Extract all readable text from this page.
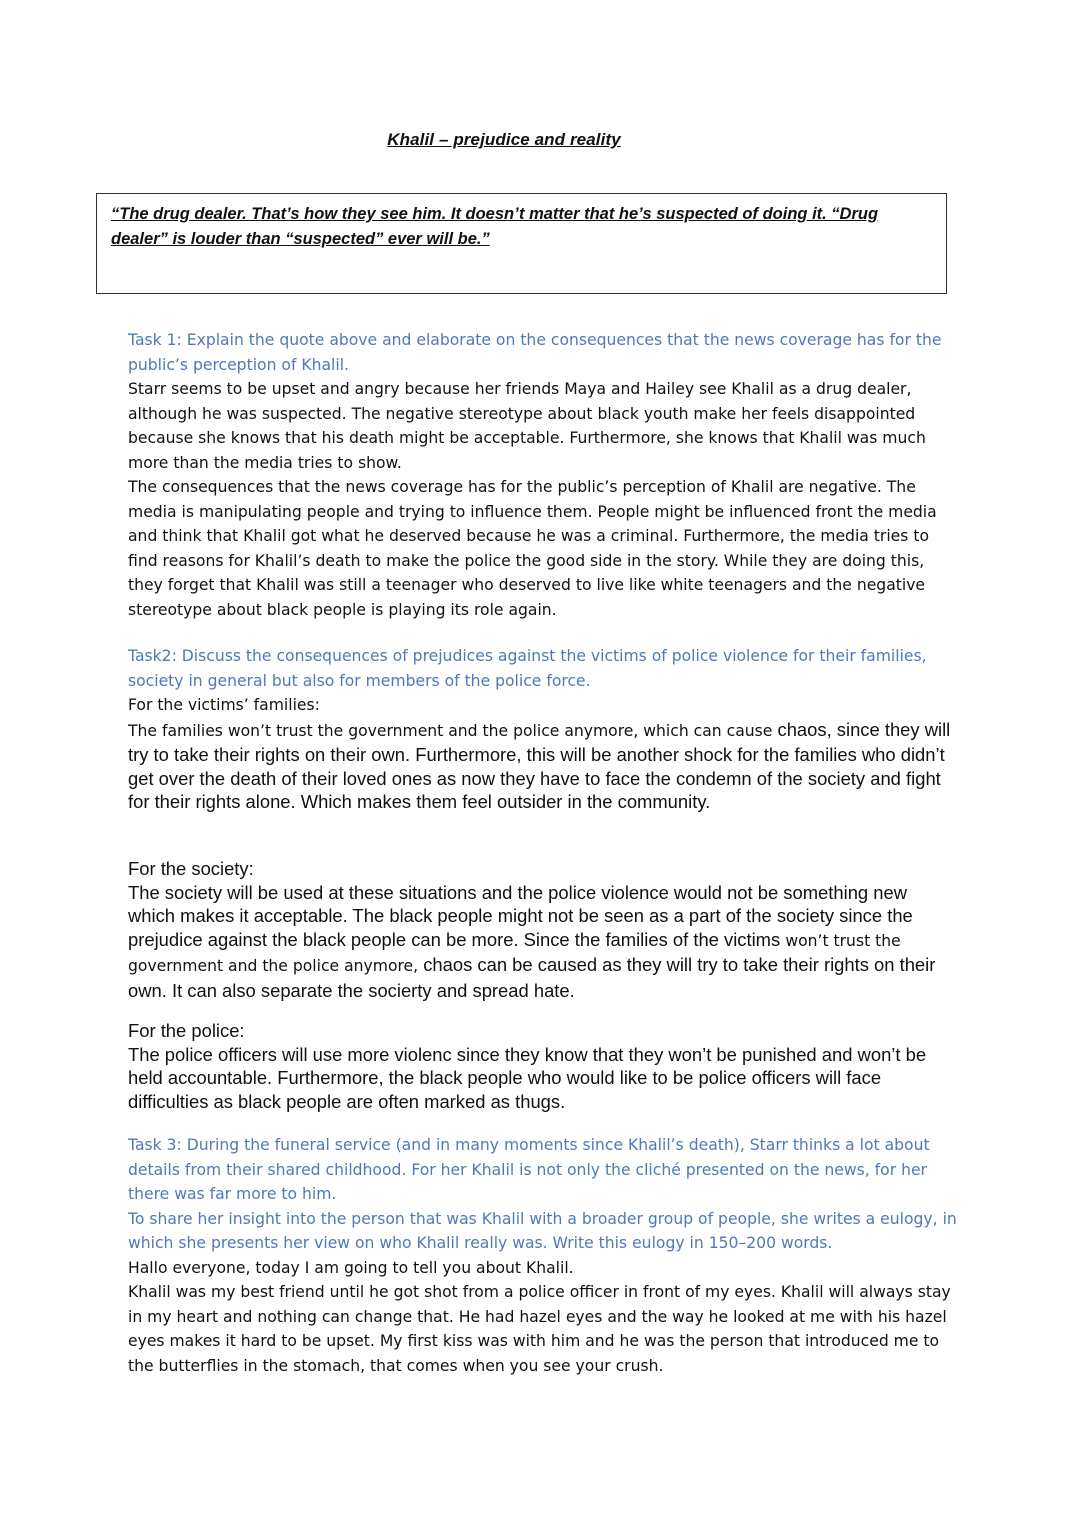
Khalil – prejudice and reality
“The drug dealer. That’s how they see him. It doesn’t matter that he’s suspected of doing it. “Drug dealer” is louder than “suspected” ever will be.”

Task 1: Explain the quote above and elaborate on the consequences that the news coverage has for the public’s perception of Khalil.

Starr seems to be upset and angry because her friends Maya and Hailey see Khalil as a drug dealer, although he was suspected. The negative stereotype about black youth make her feels disappointed because she knows that his death might be acceptable. Furthermore, she knows that Khalil was much more than the media tries to show.

The consequences that the news coverage has for the public’s perception of Khalil are negative. The media is manipulating people and trying to influence them. People might be influenced front the media and think that Khalil got what he deserved because he was a criminal. Furthermore, the media tries to find reasons for Khalil’s death to make the police the good side in the story. While they are doing this, they forget that Khalil was still a teenager who deserved to live like white teenagers and the negative stereotype about black people is playing its role again.

Task2: Discuss the consequences of prejudices against the victims of police violence for their families, society in general but also for members of the police force.

For the victims’ families:

The families won’t trust the government and the police anymore, which can cause chaos, since they will try to take their rights on their own. Furthermore, this will be another shock for the families who didn’t get over the death of their loved ones as now they have to face the condemn of the society and fight for their rights alone. Which makes them feel outsider in the community.

For the society:

The society will be used at these situations and the police violence would not be something new which makes it acceptable. The black people might not be seen as a part of the society since the prejudice against the black people can be more. Since the families of the victims won’t trust the government and the police anymore, chaos can be caused as they will try to take their rights on their own. It can also separate the socierty and spread hate.

For the police:

The police officers will use more violenc since they know that they won’t be punished and won’t be held accountable. Furthermore, the black people who would like to be police officers will face difficulties as black people are often marked as thugs.

Task 3: During the funeral service (and in many moments since Khalil’s death), Starr thinks a lot about details from their shared childhood. For her Khalil is not only the cliché presented on the news, for her there was far more to him.

To share her insight into the person that was Khalil with a broader group of people, she writes a eulogy, in which she presents her view on who Khalil really was. Write this eulogy in 150–200 words.

Hallo everyone, today I am going to tell you about Khalil.

Khalil was my best friend until he got shot from a police officer in front of my eyes. Khalil will always stay in my heart and nothing can change that. He had hazel eyes and the way he looked at me with his hazel eyes makes it hard to be upset. My first kiss was with him and he was the person that introduced me to the butterflies in the stomach, that comes when you see your crush.
